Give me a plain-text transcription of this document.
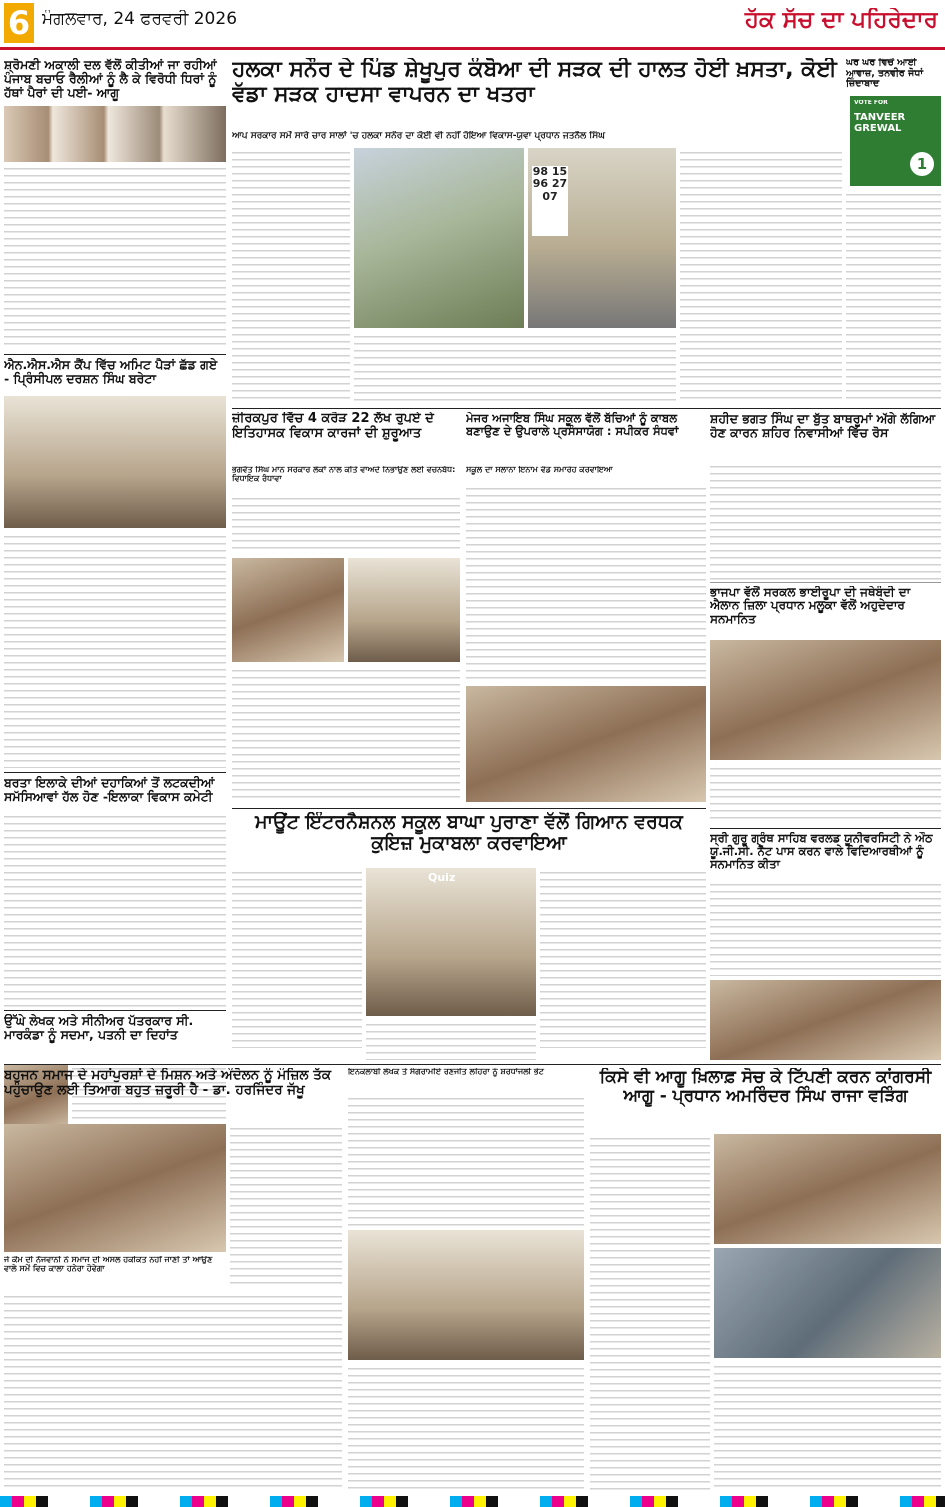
6 ਮੰਗਲਵਾਰ, 24 ਫਰਵਰੀ 2026	ਹੱਕ ਸੱਚ ਦਾ ਪਹਿਰੇਦਾਰ
ਸ਼੍ਰੋਮਣੀ ਅਕਾਲੀ ਦਲ ਵੱਲੋਂ ਕੀਤੀਆਂ ਜਾ ਰਹੀਆਂ ਪੰਜਾਬ ਬਚਾਓ ਰੈਲੀਆਂ ਨੂੰ ਲੈ ਕੇ ਵਿਰੋਧੀ ਧਿਰਾਂ ਨੂੰ ਹੱਥਾਂ ਪੈਰਾਂ ਦੀ ਪਈ- ਆਗੂ
ਐਨ.ਐਸ.ਐਸ ਕੈਂਪ ਵਿੱਚ ਅਮਿਟ ਪੈੜਾਂ ਛੱਡ ਗਏ - ਪ੍ਰਿੰਸੀਪਲ ਦਰਸ਼ਨ ਸਿੰਘ ਬਰੇਟਾ
ਬਰਤਾ ਇਲਾਕੇ ਦੀਆਂ ਦਹਾਕਿਆਂ ਤੋਂ ਲਟਕਦੀਆਂ ਸਮੱਸਿਆਵਾਂ ਹੱਲ ਹੋਣ -ਇਲਾਕਾ ਵਿਕਾਸ ਕਮੇਟੀ
ਉੱਘੇ ਲੇਖਕ ਅਤੇ ਸੀਨੀਅਰ ਪੱਤਰਕਾਰ ਸੀ. ਮਾਰਕੰਡਾ ਨੂੰ ਸਦਮਾ, ਪਤਨੀ ਦਾ ਦਿਹਾਂਤ
ਹਲਕਾ ਸਨੌਰ ਦੇ ਪਿੰਡ ਸ਼ੇਖੂਪੁਰ ਕੰਬੋਆ ਦੀ ਸੜਕ ਦੀ ਹਾਲਤ ਹੋਈ ਖ਼ਸਤਾ, ਕੋਈ ਵੱਡਾ ਸੜਕ ਹਾਦਸਾ ਵਾਪਰਨ ਦਾ ਖਤਰਾ
ਆਪ ਸਰਕਾਰ ਸਮੇਂ ਸਾਰੇ ਚਾਰ ਸਾਲਾਂ 'ਚ ਹਲਕਾ ਸਨੌਰ ਦਾ ਕੋਈ ਵੀ ਨਹੀਂ ਹੋਇਆ ਵਿਕਾਸ-ਯੁਵਾ ਪ੍ਰਧਾਨ ਜਤਨੈਲ ਸਿੰਘ
98 15 96 27 07
ਘਰ ਘਰ ਵਿਚੋਂ ਆਈ ਆਵਾਜ਼, ਤਨਵੀਰ ਜੋਧਾਂ ਜ਼ਿੰਦਾਬਾਦ
VOTE FOR
TANVEER GREWAL
1
ਜ਼ੀਰਕਪੁਰ ਵਿੱਚ 4 ਕਰੋੜ 22 ਲੱਖ ਰੁਪਏ ਦੇ ਇਤਿਹਾਸਕ ਵਿਕਾਸ ਕਾਰਜਾਂ ਦੀ ਸ਼ੁਰੂਆਤ
ਭਗਵੰਤ ਸਿੰਘ ਮਾਨ ਸਰਕਾਰ ਲੋਕਾਂ ਨਾਲ ਕੀਤੇ ਵਾਅਦੇ ਨਿਭਾਉਣ ਲਈ ਵਚਨਬੱਧ: ਵਿਧਾਇਕ ਰੰਧਾਵਾ
ਮੇਜਰ ਅਜਾਇਬ ਸਿੰਘ ਸਕੂਲ ਵੱਲੋਂ ਬੱਚਿਆਂ ਨੂੰ ਕਾਬਲ ਬਣਾਉਣ ਦੇ ਉਪਰਾਲੇ ਪ੍ਰਸੰਸਾਯੋਗ : ਸਪੀਕਰ ਸੰਧਵਾਂ
ਸਕੂਲ ਦਾ ਸਲਾਨਾ ਇਨਾਮ ਵੰਡ ਸਮਾਰੋਹ ਕਰਵਾਇਆ
ਸ਼ਹੀਦ ਭਗਤ ਸਿੰਘ ਦਾ ਬੁੱਤ ਬਾਥਰੂਮਾਂ ਅੱਗੇ ਲੱਗਿਆ ਹੋਣ ਕਾਰਨ ਸ਼ਹਿਰ ਨਿਵਾਸੀਆਂ ਵਿੱਚ ਰੋਸ
ਭਾਜਪਾ ਵੱਲੋਂ ਸਰਕਲ ਭਾਈਰੂਪਾ ਦੀ ਜਥੇਬੰਦੀ ਦਾ ਐਲਾਨ ਜ਼ਿਲਾ ਪ੍ਰਧਾਨ ਮਲੂਕਾ ਵੱਲੋਂ ਅਹੁਦੇਦਾਰ ਸਨਮਾਨਿਤ
ਮਾਊਂਟ ਇੰਟਰਨੈਸ਼ਨਲ ਸਕੂਲ ਬਾਘਾ ਪੁਰਾਣਾ ਵੱਲੋਂ ਗਿਆਨ ਵਰਧਕ ਕੁਇਜ਼ ਮੁਕਾਬਲਾ ਕਰਵਾਇਆ
Quiz
ਸ੍ਰੀ ਗੁਰੂ ਗ੍ਰੰਥ ਸਾਹਿਬ ਵਰਲਡ ਯੂਨੀਵਰਸਿਟੀ ਨੇ ਔਠ ਯੂ.ਜੀ.ਸੀ. ਨੈੱਟ ਪਾਸ ਕਰਨ ਵਾਲੇ ਵਿਦਿਆਰਥੀਆਂ ਨੂੰ ਸਨਮਾਨਿਤ ਕੀਤਾ
ਬਹੁਜਨ ਸਮਾਜ ਦੇ ਮਹਾਂਪੁਰਸ਼ਾਂ ਦੇ ਮਿਸ਼ਨ ਅਤੇ ਅੰਦੋਲਨ ਨੂੰ ਮੰਜ਼ਿਲ ਤੱਕ ਪਹੁੰਚਾਉਣ ਲਈ ਤਿਆਗ ਬਹੁਤ ਜ਼ਰੂਰੀ ਹੈ - ਡਾ. ਹਰਜਿੰਦਰ ਜੱਖੂ
ਜੇ ਕੌਮ ਦੀ ਨੌਜਵਾਨੀ ਨੇ ਸਮਾਜ ਦੀ ਅਸਲ ਹਕੀਕਤ ਨਹੀਂ ਜਾਣੀ ਤਾਂ ਆਉਣ ਵਾਲੇ ਸਮੇਂ ਵਿਚ ਕਾਲਾ ਹਨੇਰਾ ਹੋਵੇਗਾ
ਇਨਕਲਾਬੀ ਲੇਖਕ ਤੇ ਸੰਗਰਾਮੀਏ ਰਣਜੀਤ ਲਹਿਰਾ ਨੂੰ ਸ਼ਰਧਾਂਜਲੀ ਭੇਟ	ਕਿਸੇ ਵੀ ਆਗੂ ਖ਼ਿਲਾਫ਼ ਸੋਚ ਕੇ ਟਿੱਪਣੀ ਕਰਨ ਕਾਂਗਰਸੀ ਆਗੂ - ਪ੍ਰਧਾਨ ਅਮਰਿੰਦਰ ਸਿੰਘ ਰਾਜਾ ਵੜਿੰਗ
